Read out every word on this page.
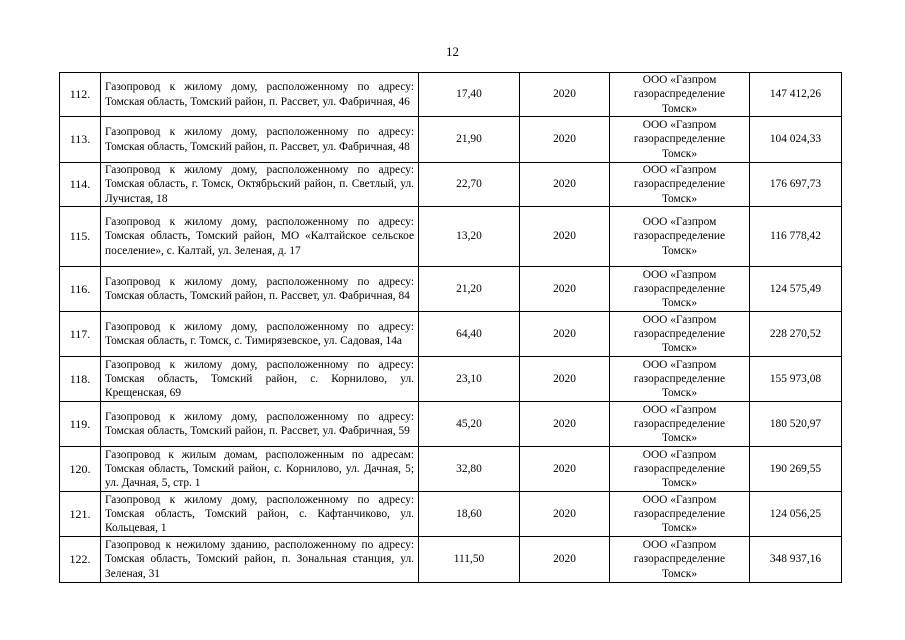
12
112.	Газопровод к жилому дому, расположенному по адресу: Томская область, Томский район, п. Рассвет, ул. Фабричная, 46	17,40	2020	ООО «Газпром
газораспределение
Томск»	147 412,26
113.	Газопровод к жилому дому, расположенному по адресу: Томская область, Томский район, п. Рассвет, ул. Фабричная, 48	21,90	2020	ООО «Газпром
газораспределение
Томск»	104 024,33
114.	Газопровод к жилому дому, расположенному по адресу: Томская область, г. Томск, Октябрьский район, п. Светлый, ул. Лучистая, 18	22,70	2020	ООО «Газпром
газораспределение
Томск»	176 697,73
115.	Газопровод к жилому дому, расположенному по адресу: Томская область, Томский район, МО «Калтайское сельское поселение», с. Калтай, ул. Зеленая, д. 17	13,20	2020	ООО «Газпром
газораспределение
Томск»	116 778,42
116.	Газопровод к жилому дому, расположенному по адресу: Томская область, Томский район, п. Рассвет, ул. Фабричная, 84	21,20	2020	ООО «Газпром
газораспределение
Томск»	124 575,49
117.	Газопровод к жилому дому, расположенному по адресу: Томская область, г. Томск, с. Тимирязевское, ул. Садовая, 14а	64,40	2020	ООО «Газпром
газораспределение
Томск»	228 270,52
118.	Газопровод к жилому дому, расположенному по адресу: Томская область, Томский район, с. Корнилово, ул. Крещенская, 69	23,10	2020	ООО «Газпром
газораспределение
Томск»	155 973,08
119.	Газопровод к жилому дому, расположенному по адресу: Томская область, Томский район, п. Рассвет, ул. Фабричная, 59	45,20	2020	ООО «Газпром
газораспределение
Томск»	180 520,97
120.	Газопровод к жилым домам, расположенным по адресам: Томская область, Томский район, с. Корнилово, ул. Дачная, 5; ул. Дачная, 5, стр. 1	32,80	2020	ООО «Газпром
газораспределение
Томск»	190 269,55
121.	Газопровод к жилому дому, расположенному по адресу: Томская область, Томский район, с. Кафтанчиково, ул. Кольцевая, 1	18,60	2020	ООО «Газпром
газораспределение
Томск»	124 056,25
122.	Газопровод к нежилому зданию, расположенному по адресу: Томская область, Томский район, п. Зональная станция, ул. Зеленая, 31	111,50	2020	ООО «Газпром
газораспределение
Томск»	348 937,16
